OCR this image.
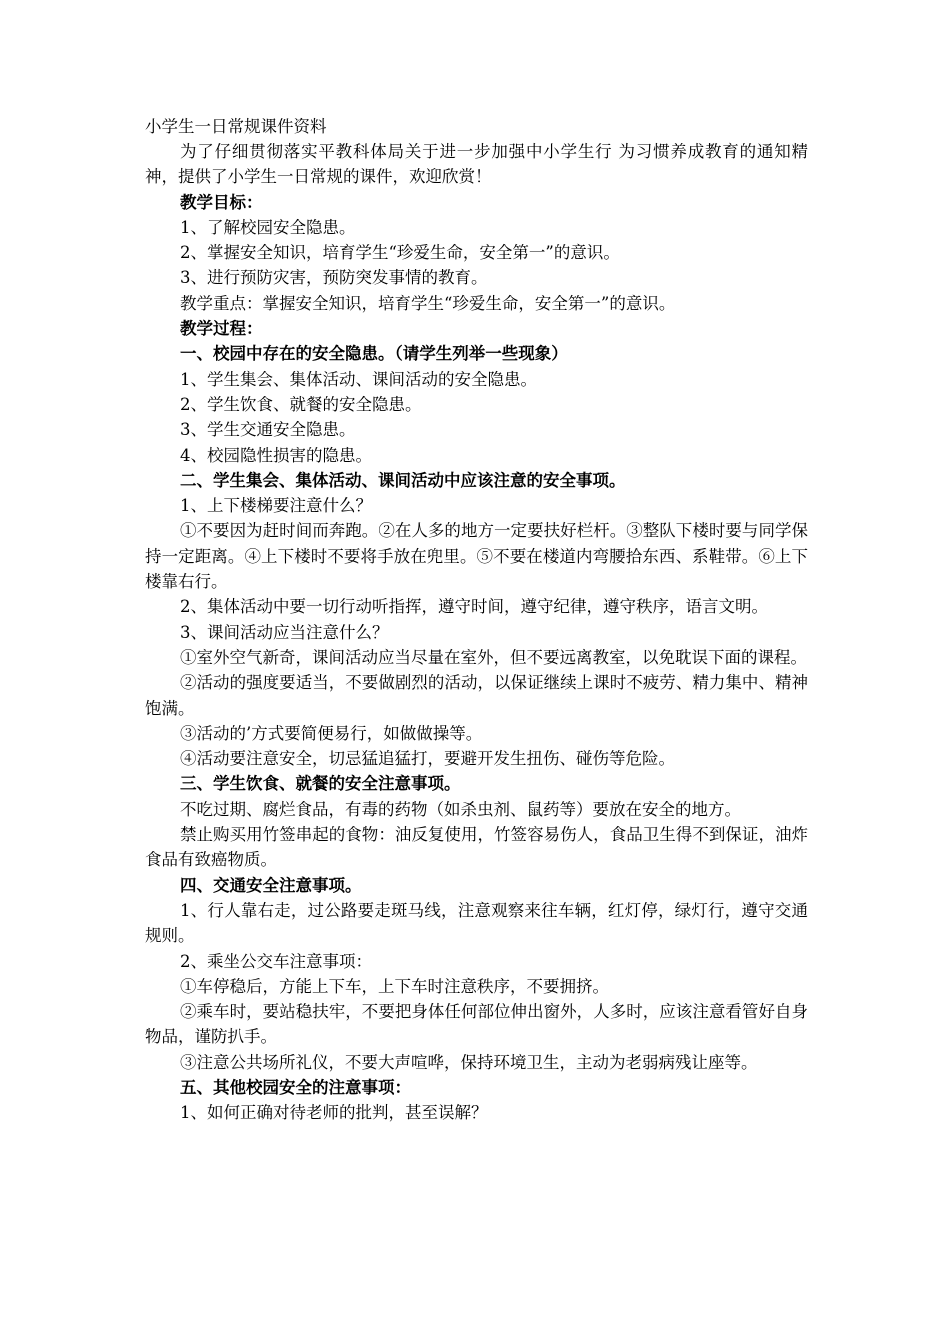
小学生一日常规课件资料

为了仔细贯彻落实平教科体局关于进一步加强中小学生行 为习惯养成教育的通知精神，提供了小学生一日常规的课件，欢迎欣赏！

教学目标：

1、了解校园安全隐患。

2、掌握安全知识，培育学生“珍爱生命，安全第一”的意识。

3、进行预防灾害，预防突发事情的教育。

教学重点：掌握安全知识，培育学生“珍爱生命，安全第一”的意识。

教学过程：

一、校园中存在的安全隐患。（请学生列举一些现象）

1、学生集会、集体活动、课间活动的安全隐患。

2、学生饮食、就餐的安全隐患。

3、学生交通安全隐患。

4、校园隐性损害的隐患。

二、学生集会、集体活动、课间活动中应该注意的安全事项。

1、上下楼梯要注意什么？

①不要因为赶时间而奔跑。②在人多的地方一定要扶好栏杆。③整队下楼时要与同学保持一定距离。④上下楼时不要将手放在兜里。⑤不要在楼道内弯腰拾东西、系鞋带。⑥上下楼靠右行。

2、集体活动中要一切行动听指挥，遵守时间，遵守纪律，遵守秩序，语言文明。

3、课间活动应当注意什么？

①室外空气新奇，课间活动应当尽量在室外，但不要远离教室，以免耽误下面的课程。

②活动的强度要适当，不要做剧烈的活动，以保证继续上课时不疲劳、精力集中、精神饱满。

③活动的’方式要简便易行，如做做操等。

④活动要注意安全，切忌猛追猛打，要避开发生扭伤、碰伤等危险。

三、学生饮食、就餐的安全注意事项。

不吃过期、腐烂食品，有毒的药物（如杀虫剂、鼠药等）要放在安全的地方。

禁止购买用竹签串起的食物：油反复使用，竹签容易伤人，食品卫生得不到保证，油炸食品有致癌物质。

四、交通安全注意事项。

1、行人靠右走，过公路要走斑马线，注意观察来往车辆，红灯停，绿灯行，遵守交通规则。

2、乘坐公交车注意事项：

①车停稳后，方能上下车，上下车时注意秩序，不要拥挤。

②乘车时，要站稳扶牢，不要把身体任何部位伸出窗外，人多时，应该注意看管好自身物品，谨防扒手。

③注意公共场所礼仪，不要大声喧哗，保持环境卫生，主动为老弱病残让座等。

五、其他校园安全的注意事项：

1、如何正确对待老师的批判，甚至误解？
